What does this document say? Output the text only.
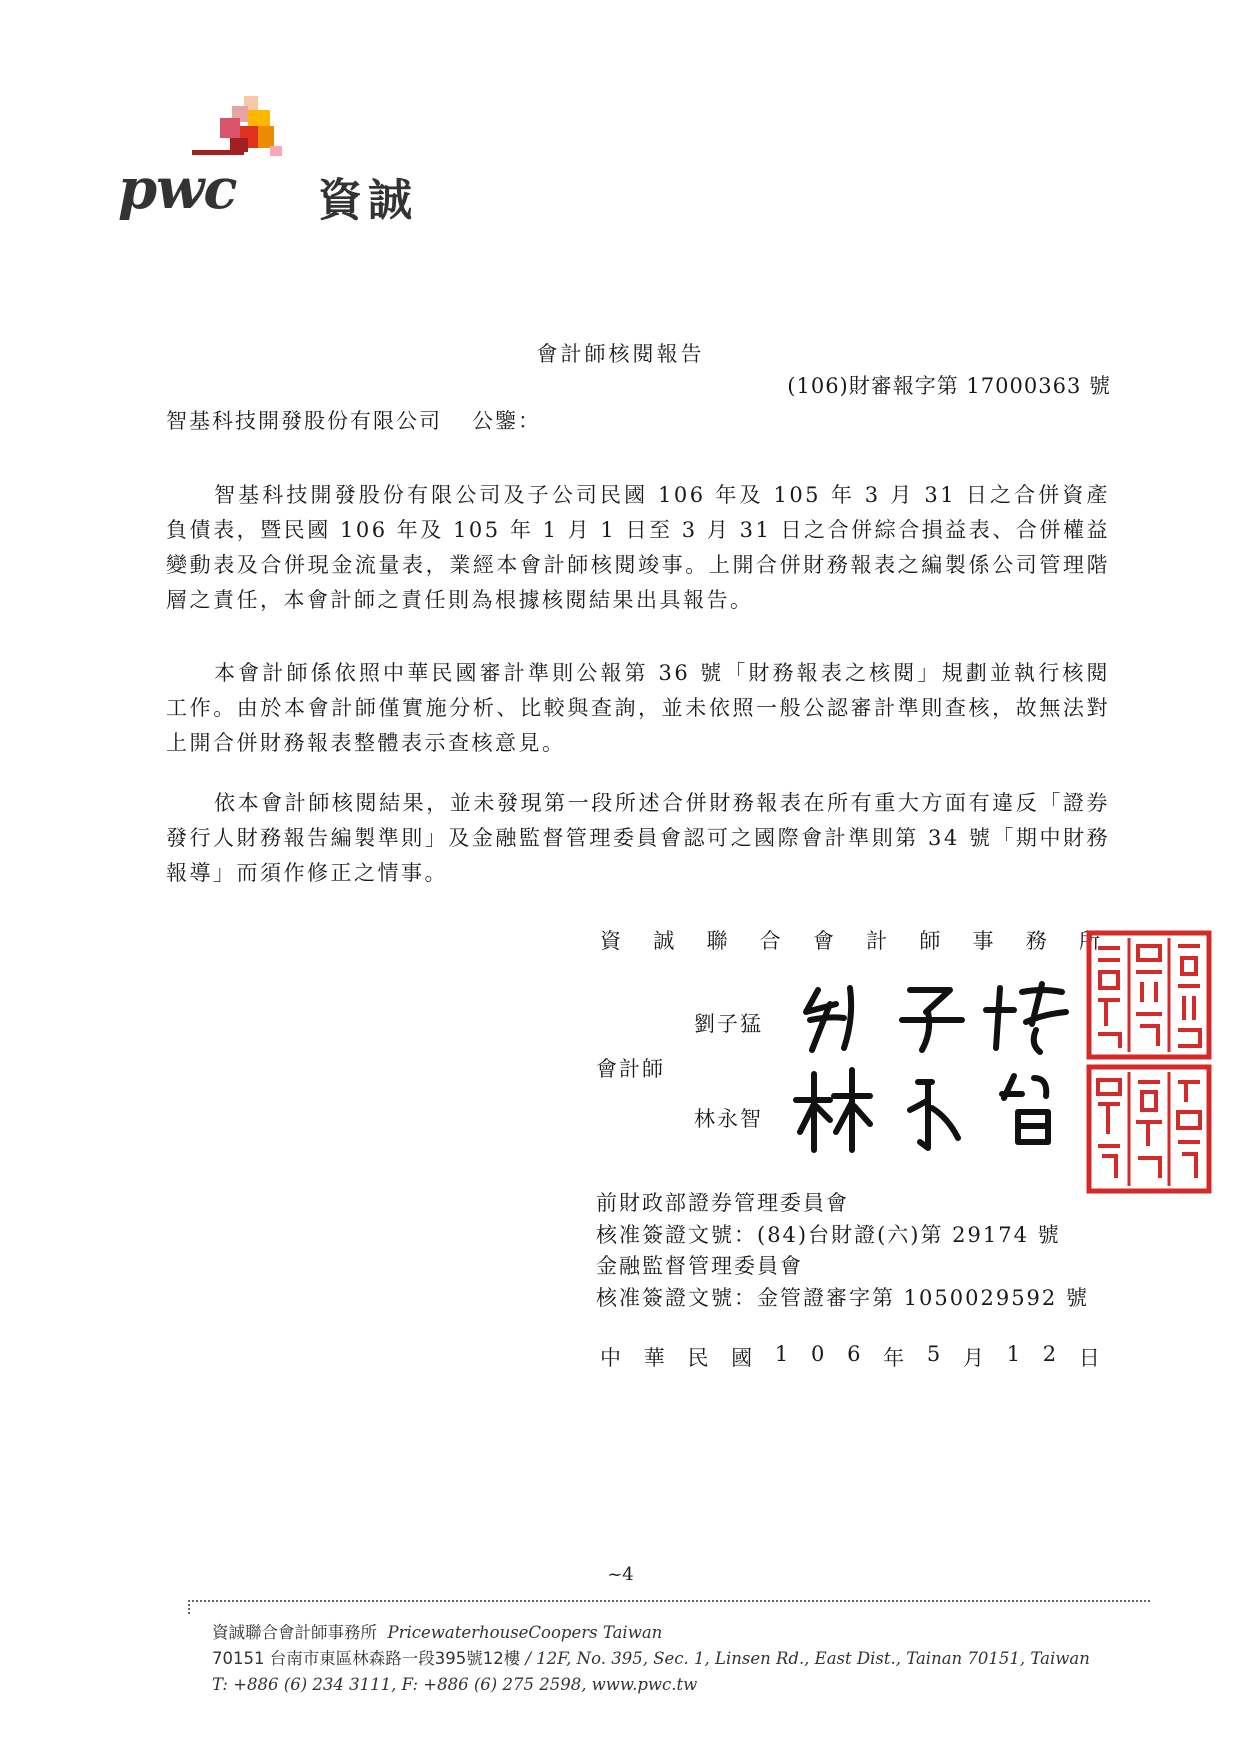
pwc 資誠
會計師核閱報告
(106)財審報字第 17000363 號
智基科技開發股份有限公司 公鑒：

智基科技開發股份有限公司及子公司民國 106 年及 105 年 3 月 31 日之合併資產負債表，暨民國 106 年及 105 年 1 月 1 日至 3 月 31 日之合併綜合損益表、合併權益變動表及合併現金流量表，業經本會計師核閱竣事。上開合併財務報表之編製係公司管理階層之責任，本會計師之責任則為根據核閱結果出具報告。

本會計師係依照中華民國審計準則公報第 36 號「財務報表之核閱」規劃並執行核閱工作。由於本會計師僅實施分析、比較與查詢，並未依照一般公認審計準則查核，故無法對上開合併財務報表整體表示查核意見。

依本會計師核閱結果，並未發現第一段所述合併財務報表在所有重大方面有違反「證券發行人財務報告編製準則」及金融監督管理委員會認可之國際會計準則第 34 號「期中財務報導」而須作修正之情事。

資 誠 聯 合 會 計 師 事 務 所
劉子猛
會計師
林永智
前財政部證券管理委員會
核准簽證文號：(84)台財證(六)第 29174 號
金融監督管理委員會
核准簽證文號：金管證審字第 1050029592 號
中 華 民 國 1 0 6 年 5 月 1 2 日
~4
資誠聯合會計師事務所 PricewaterhouseCoopers Taiwan
70151 台南市東區林森路一段395號12樓 / 12F, No. 395, Sec. 1, Linsen Rd., East Dist., Tainan 70151, Taiwan
T: +886 (6) 234 3111, F: +886 (6) 275 2598, www.pwc.tw
